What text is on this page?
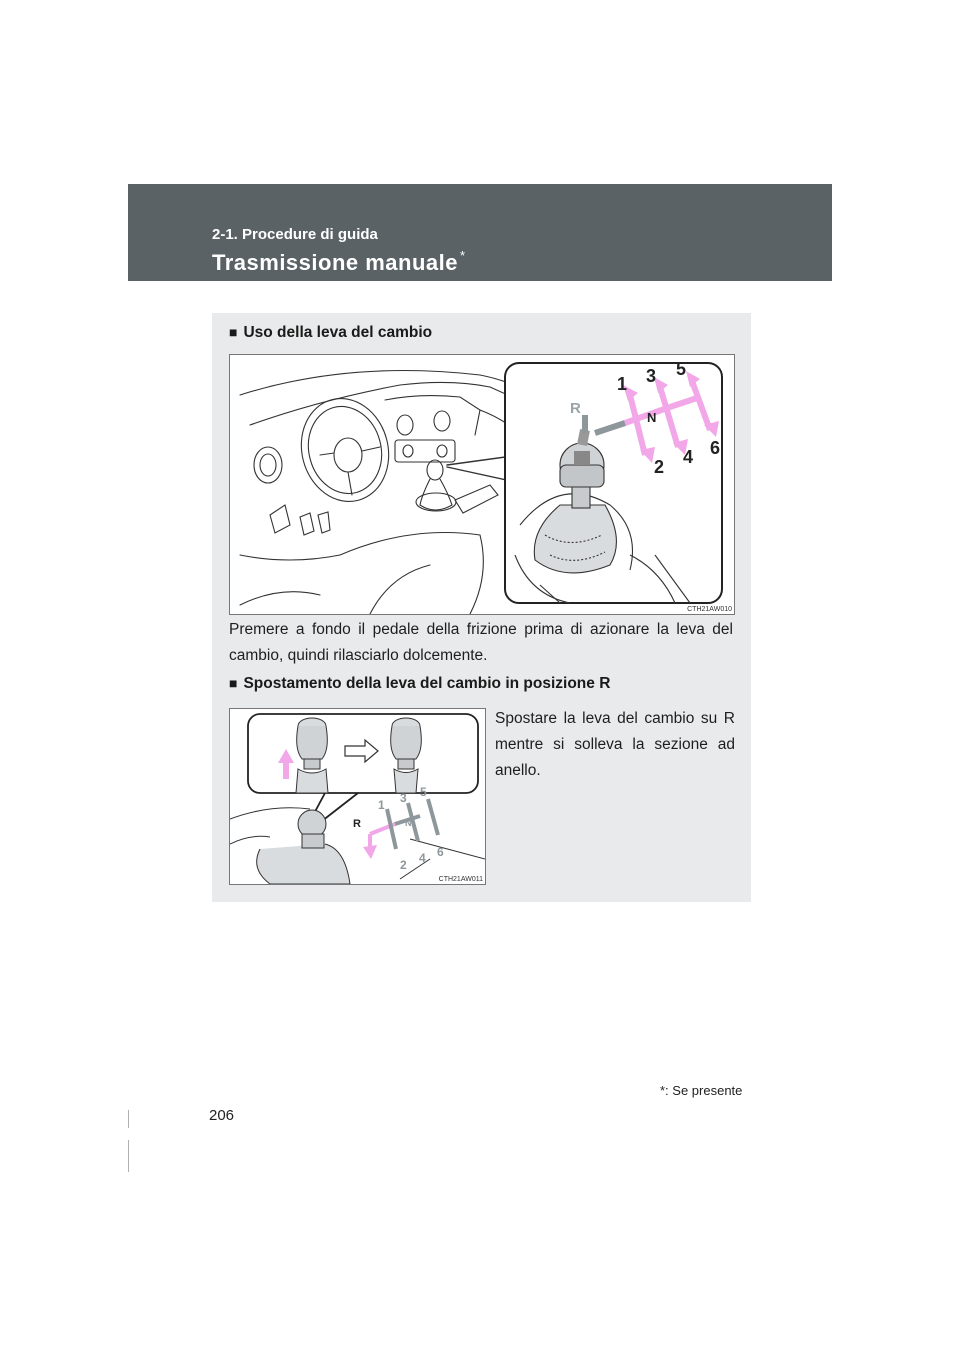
2-1. Procedure di guida
Trasmissione manuale *
■ Uso della leva del cambio
R
1 3 5
N
2 4 6
CTH21AW010
Premere a fondo il pedale della frizione prima di azionare la leva del cambio, quindi rilasciarlo dolcemente.
■ Spostamento della leva del cambio in posizione R
R
1 3 5
N
2 4 6
CTH21AW011
Spostare la leva del cambio su R mentre si solleva la sezione ad anello.
*: Se presente
206
